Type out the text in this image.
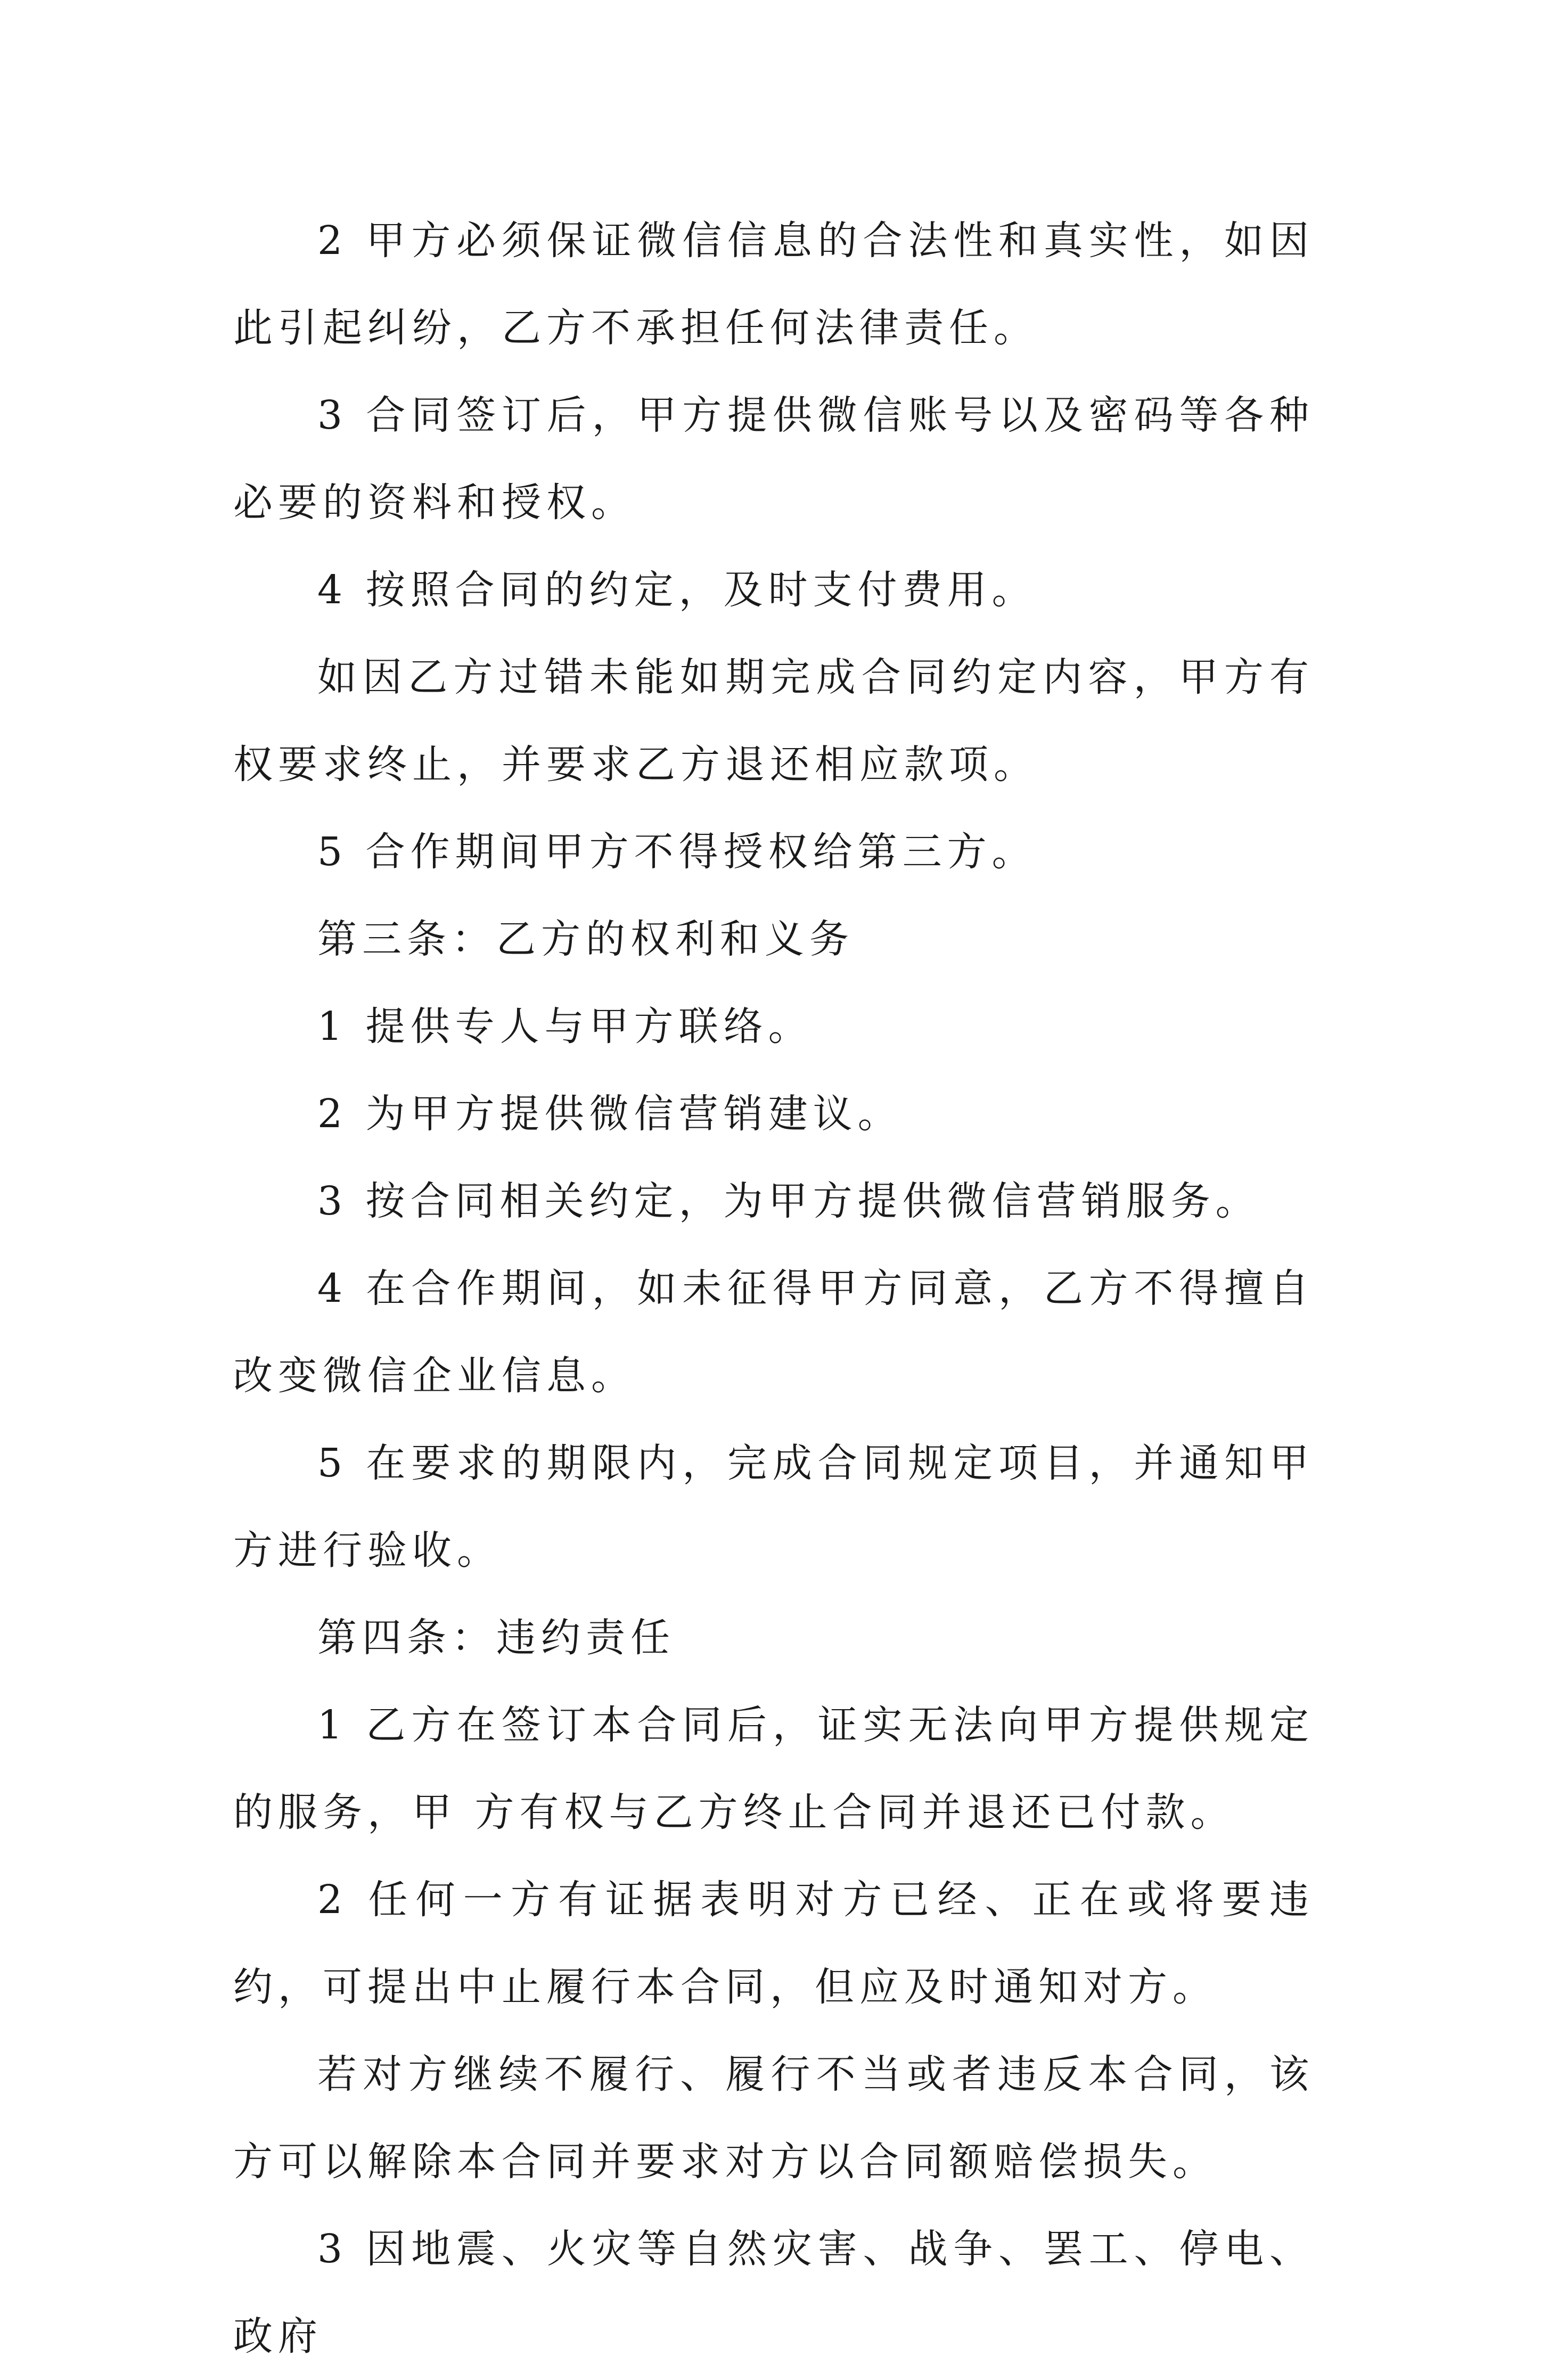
2 甲方必须保证微信信息的合法性和真实性，如因此引起纠纷，乙方不承担任何法律责任。

3 合同签订后，甲方提供微信账号以及密码等各种必要的资料和授权。

4 按照合同的约定，及时支付费用。

如因乙方过错未能如期完成合同约定内容，甲方有权要求终止，并要求乙方退还相应款项。

5 合作期间甲方不得授权给第三方。

第三条：乙方的权利和义务

1 提供专人与甲方联络。

2 为甲方提供微信营销建议。

3 按合同相关约定，为甲方提供微信营销服务。

4 在合作期间，如未征得甲方同意，乙方不得擅自改变微信企业信息。

5 在要求的期限内，完成合同规定项目，并通知甲方进行验收。

第四条：违约责任

1 乙方在签订本合同后，证实无法向甲方提供规定的服务，甲 方有权与乙方终止合同并退还已付款。

2 任何一方有证据表明对方已经、正在或将要违约，可提出中止履行本合同，但应及时通知对方。

若对方继续不履行、履行不当或者违反本合同，该方可以解除本合同并要求对方以合同额赔偿损失。

3 因地震、火灾等自然灾害、战争、罢工、停电、政府
